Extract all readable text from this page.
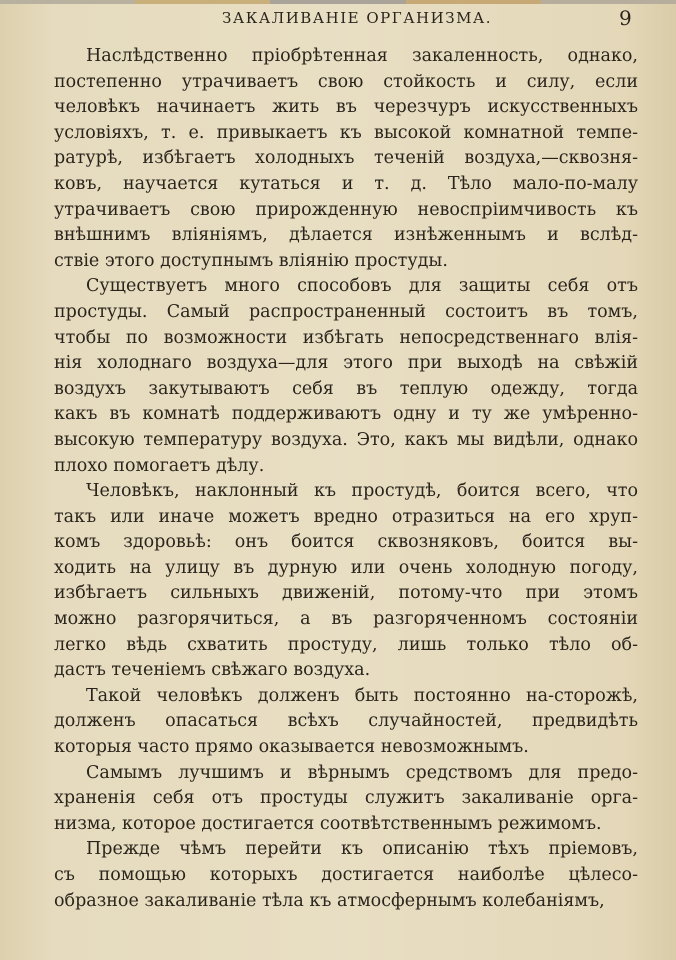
ЗАКАЛИВАНIЕ ОРГАНИЗМА.	9
Наслѣдственно пріобрѣтенная закаленность, однако,
постепенно утрачиваетъ свою стойкость и силу, если
человѣкъ начинаетъ жить въ черезчуръ искусственныхъ
условіяхъ, т. е. привыкаетъ къ высокой комнатной темпе-
ратурѣ, избѣгаетъ холодныхъ теченій воздуха,—сквозня-
ковъ, научается кутаться и т. д. Тѣло мало-по-малу
утрачиваетъ свою прирожденную невоспріимчивость къ
внѣшнимъ вліяніямъ, дѣлается изнѣженнымъ и вслѣд-
ствіе этого доступнымъ вліянію простуды.
Существуетъ много способовъ для защиты себя отъ
простуды. Самый распространенный состоитъ въ томъ,
чтобы по возможности избѣгать непосредственнаго влія-
нія холоднаго воздуха—для этого при выходѣ на свѣжій
воздухъ закутываютъ себя въ теплую одежду, тогда
какъ въ комнатѣ поддерживаютъ одну и ту же умѣренно-
высокую температуру воздуха. Это, какъ мы видѣли, однако
плохо помогаетъ дѣлу.
Человѣкъ, наклонный къ простудѣ, боится всего, что
такъ или иначе можетъ вредно отразиться на его хруп-
комъ здоровьѣ: онъ боится сквозняковъ, боится вы-
ходить на улицу въ дурную или очень холодную погоду,
избѣгаетъ сильныхъ движеній, потому-что при этомъ
можно разгорячиться, а въ разгоряченномъ состояніи
легко вѣдь схватить простуду, лишь только тѣло об-
дастъ теченіемъ свѣжаго воздуха.
Такой человѣкъ долженъ быть постоянно на-сторожѣ,
долженъ опасаться всѣхъ случайностей, предвидѣть
которыя часто прямо оказывается невозможнымъ.
Самымъ лучшимъ и вѣрнымъ средствомъ для предо-
храненія себя отъ простуды служитъ закаливаніе орга-
низма, которое достигается соотвѣтственнымъ режимомъ.
Прежде чѣмъ перейти къ описанію тѣхъ пріемовъ,
съ помощью которыхъ достигается наиболѣе цѣлесо-
образное закаливаніе тѣла къ атмосфернымъ колебаніямъ,
